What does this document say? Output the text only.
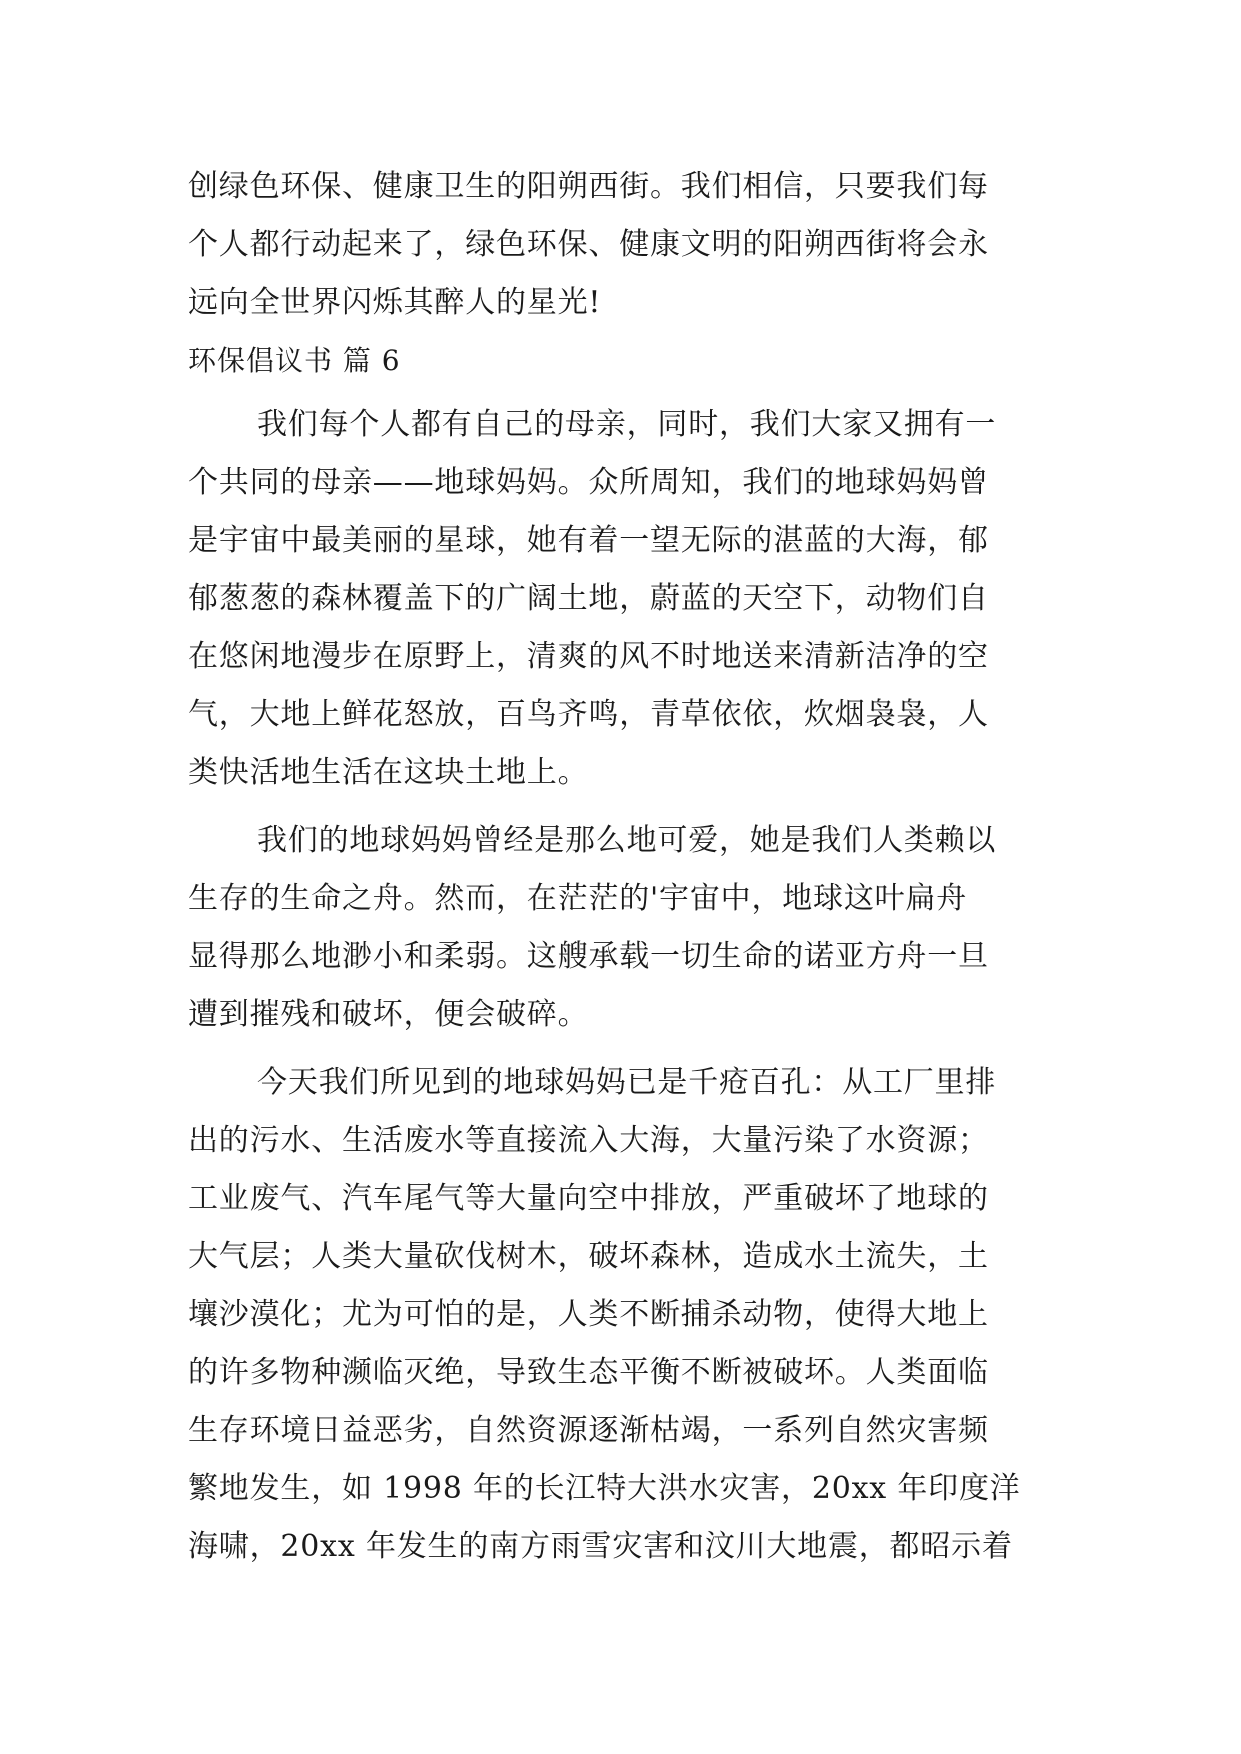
创绿色环保、健康卫生的阳朔西街。我们相信，只要我们每
个人都行动起来了，绿色环保、健康文明的阳朔西街将会永
远向全世界闪烁其醉人的星光!
环保倡议书 篇 6
我们每个人都有自己的母亲，同时，我们大家又拥有一
个共同的母亲——地球妈妈。众所周知，我们的地球妈妈曾
是宇宙中最美丽的星球，她有着一望无际的湛蓝的大海，郁
郁葱葱的森林覆盖下的广阔土地，蔚蓝的天空下，动物们自
在悠闲地漫步在原野上，清爽的风不时地送来清新洁净的空
气，大地上鲜花怒放，百鸟齐鸣，青草依依，炊烟袅袅，人
类快活地生活在这块土地上。
我们的地球妈妈曾经是那么地可爱，她是我们人类赖以
生存的生命之舟。然而，在茫茫的'宇宙中，地球这叶扁舟
显得那么地渺小和柔弱。这艘承载一切生命的诺亚方舟一旦
遭到摧残和破坏，便会破碎。
今天我们所见到的地球妈妈已是千疮百孔：从工厂里排
出的污水、生活废水等直接流入大海，大量污染了水资源；
工业废气、汽车尾气等大量向空中排放，严重破坏了地球的
大气层；人类大量砍伐树木，破坏森林，造成水土流失，土
壤沙漠化；尤为可怕的是，人类不断捕杀动物，使得大地上
的许多物种濒临灭绝，导致生态平衡不断被破坏。人类面临
生存环境日益恶劣，自然资源逐渐枯竭，一系列自然灾害频
繁地发生，如 1998 年的长江特大洪水灾害，20xx 年印度洋
海啸，20xx 年发生的南方雨雪灾害和汶川大地震，都昭示着
